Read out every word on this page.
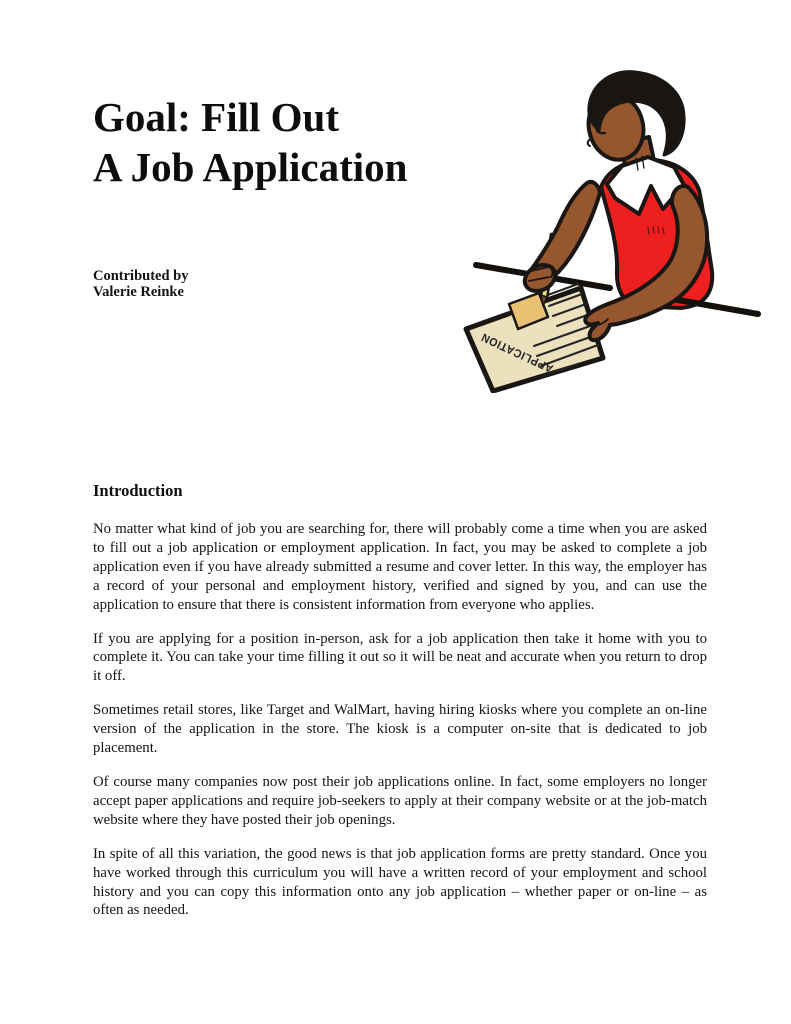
Goal: Fill Out
A Job Application
Contributed by
Valerie Reinke
APPLICATION
Introduction

No matter what kind of job you are searching for, there will probably come a time when you are asked to fill out a job application or employment application. In fact, you may be asked to complete a job application even if you have already submitted a resume and cover letter. In this way, the employer has a record of your personal and employment history, verified and signed by you, and can use the application to ensure that there is consistent information from everyone who applies.

If you are applying for a position in-person, ask for a job application then take it home with you to complete it. You can take your time filling it out so it will be neat and accurate when you return to drop it off.

Sometimes retail stores, like Target and WalMart, having hiring kiosks where you complete an on-line version of the application in the store. The kiosk is a computer on-site that is dedicated to job placement.

Of course many companies now post their job applications online. In fact, some employers no longer accept paper applications and require job-seekers to apply at their company website or at the job-match website where they have posted their job openings.

In spite of all this variation, the good news is that job application forms are pretty standard. Once you have worked through this curriculum you will have a written record of your employment and school history and you can copy this information onto any job application – whether paper or on-line – as often as needed.
